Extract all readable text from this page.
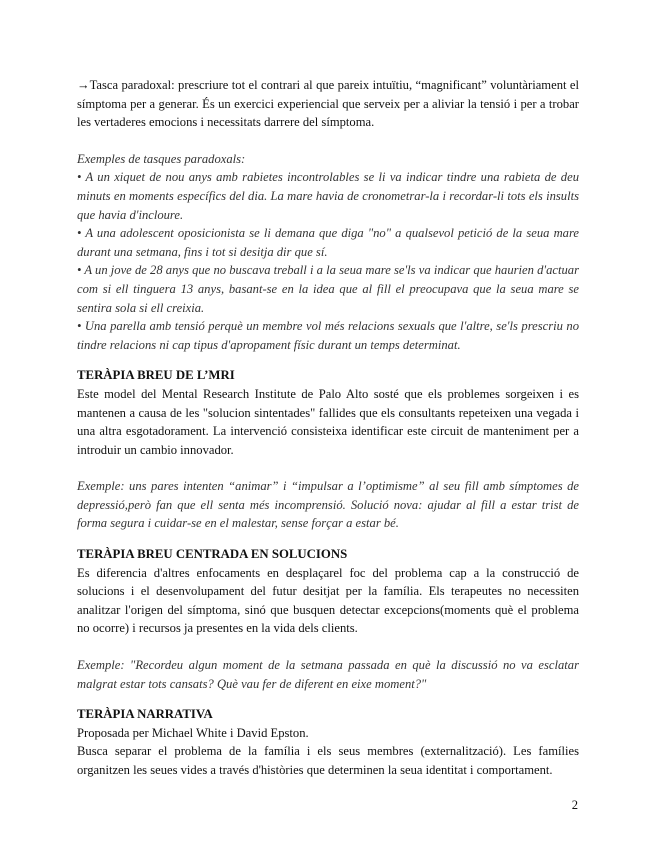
→Tasca paradoxal: prescriure tot el contrari al que pareix intuïtiu, “magnificant” voluntàriament el símptoma per a generar. És un exercici experiencial que serveix per a aliviar la tensió i per a trobar les vertaderes emocions i necessitats darrere del símptoma.

Exemples de tasques paradoxals:

• A un xiquet de nou anys amb rabietes incontrolables se li va indicar tindre una rabieta de deu minuts en moments específics del dia. La mare havia de cronometrar-la i recordar-li tots els insults que havia d'incloure.

• A una adolescent oposicionista se li demana que diga "no" a qualsevol petició de la seua mare durant una setmana, fins i tot si desitja dir que sí.

• A un jove de 28 anys que no buscava treball i a la seua mare se'ls va indicar que haurien d'actuar com si ell tinguera 13 anys, basant-se en la idea que al fill el preocupava que la seua mare se sentira sola si ell creixia.

• Una parella amb tensió perquè un membre vol més relacions sexuals que l'altre, se'ls prescriu no tindre relacions ni cap tipus d'apropament físic durant un temps determinat.

TERÀPIA BREU DE L’MRI

Este model del Mental Research Institute de Palo Alto sosté que els problemes sorgeixen i es mantenen a causa de les "solucion sintentades" fallides que els consultants repeteixen una vegada i una altra esgotadorament. La intervenció consisteixa identificar este circuit de manteniment per a introduir un cambio innovador.

Exemple: uns pares intenten “animar” i “impulsar a l’optimisme” al seu fill amb símptomes de depressió,però fan que ell senta més incomprensió. Solució nova: ajudar al fill a estar trist de forma segura i cuidar-se en el malestar, sense forçar a estar bé.

TERÀPIA BREU CENTRADA EN SOLUCIONS

Es diferencia d'altres enfocaments en desplaçarel foc del problema cap a la construcció de solucions i el desenvolupament del futur desitjat per la família. Els terapeutes no necessiten analitzar l'origen del símptoma, sinó que busquen detectar excepcions(moments què el problema no ocorre) i recursos ja presentes en la vida dels clients.

Exemple: "Recordeu algun moment de la setmana passada en què la discussió no va esclatar malgrat estar tots cansats? Què vau fer de diferent en eixe moment?"

TERÀPIA NARRATIVA

Proposada per Michael White i David Epston.

Busca separar el problema de la família i els seus membres (externalització). Les famílies organitzen les seues vides a través d'històries que determinen la seua identitat i comportament.

2
